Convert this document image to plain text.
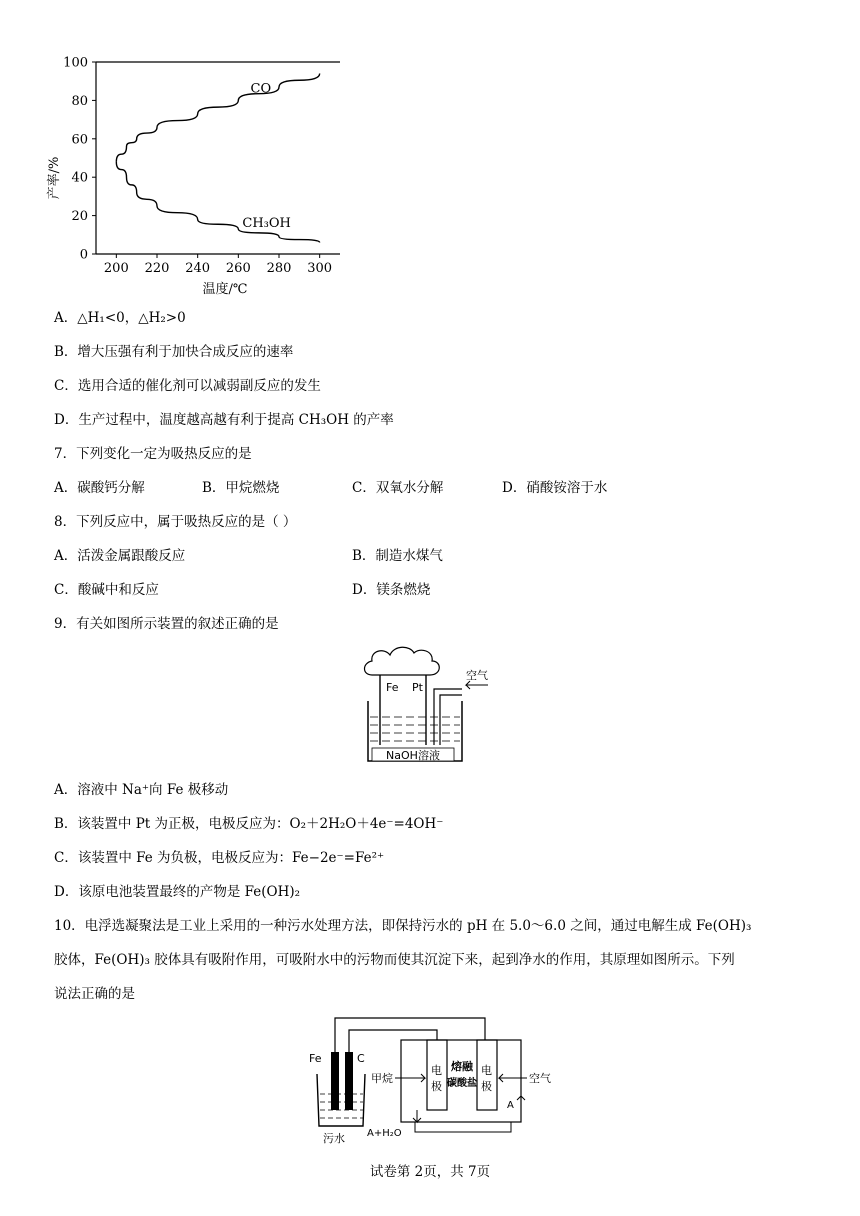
200 220 240 260 280 300
0
20
40
60
80
100
CO
CH₃OH
温度/℃
产率/%
A．△H₁<0，△H₂>0
B．增大压强有利于加快合成反应的速率
C．选用合适的催化剂可以减弱副反应的发生
D．生产过程中，温度越高越有利于提高 CH₃OH 的产率
7．下列变化一定为吸热反应的是
A．碳酸钙分解	B．甲烷燃烧	C．双氧水分解	D．硝酸铵溶于水
8．下列反应中，属于吸热反应的是（ ）
A．活泼金属跟酸反应	B．制造水煤气
C．酸碱中和反应	D．镁条燃烧
9．有关如图所示装置的叙述正确的是
Fe Pt
空气
NaOH溶液
A．溶液中 Na⁺向 Fe 极移动
B．该装置中 Pt 为正极，电极反应为：O₂＋2H₂O＋4e⁻=4OH⁻
C．该装置中 Fe 为负极，电极反应为：Fe−2e⁻=Fe²⁺
D．该原电池装置最终的产物是 Fe(OH)₂
10．电浮选凝聚法是工业上采用的一种污水处理方法，即保持污水的 pH 在 5.0～6.0 之间，通过电解生成 Fe(OH)₃
胶体，Fe(OH)₃ 胶体具有吸附作用，可吸附水中的污物而使其沉淀下来，起到净水的作用，其原理如图所示。下列
说法正确的是
Fe	C
污水
电
极
电
极
熔融
碳酸盐
甲烷	空气
A
A+H₂O
试卷第 2页，共 7页
